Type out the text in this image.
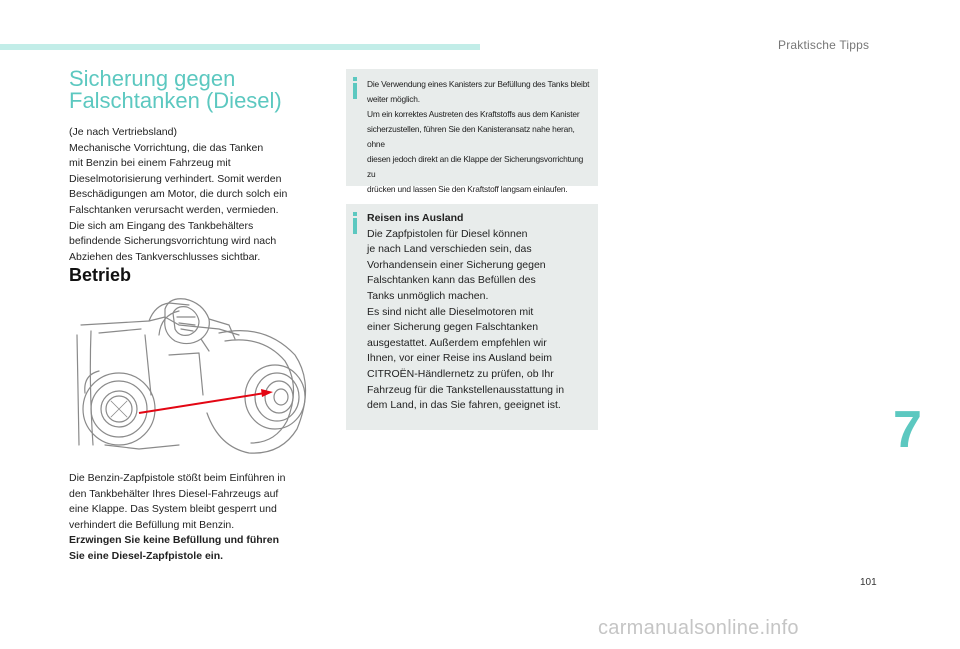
Praktische Tipps
Sicherung gegen
Falschtanken (Diesel)
(Je nach Vertriebsland)
Mechanische Vorrichtung, die das Tanken
mit Benzin bei einem Fahrzeug mit
Dieselmotorisierung verhindert. Somit werden
Beschädigungen am Motor, die durch solch ein
Falschtanken verursacht werden, vermieden.
Die sich am Eingang des Tankbehälters
befindende Sicherungsvorrichtung wird nach
Abziehen des Tankverschlusses sichtbar.
Betrieb
Die Benzin-Zapfpistole stößt beim Einführen in
den Tankbehälter Ihres Diesel-Fahrzeugs auf
eine Klappe. Das System bleibt gesperrt und
verhindert die Befüllung mit Benzin.
Erzwingen Sie keine Befüllung und führen
Sie eine Diesel-Zapfpistole ein.
Die Verwendung eines Kanisters zur Befüllung des Tanks bleibt
weiter möglich.
Um ein korrektes Austreten des Kraftstoffs aus dem Kanister
sicherzustellen, führen Sie den Kanisteransatz nahe heran, ohne
diesen jedoch direkt an die Klappe der Sicherungsvorrichtung zu
drücken und lassen Sie den Kraftstoff langsam einlaufen.
Reisen ins Ausland
Die Zapfpistolen für Diesel können
je nach Land verschieden sein, das
Vorhandensein einer Sicherung gegen
Falschtanken kann das Befüllen des
Tanks unmöglich machen.
Es sind nicht alle Dieselmotoren mit
einer Sicherung gegen Falschtanken
ausgestattet. Außerdem empfehlen wir
Ihnen, vor einer Reise ins Ausland beim
CITROËN-Händlernetz zu prüfen, ob Ihr
Fahrzeug für die Tankstellenausstattung in
dem Land, in das Sie fahren, geeignet ist.	7
101
carmanualsonline.info
